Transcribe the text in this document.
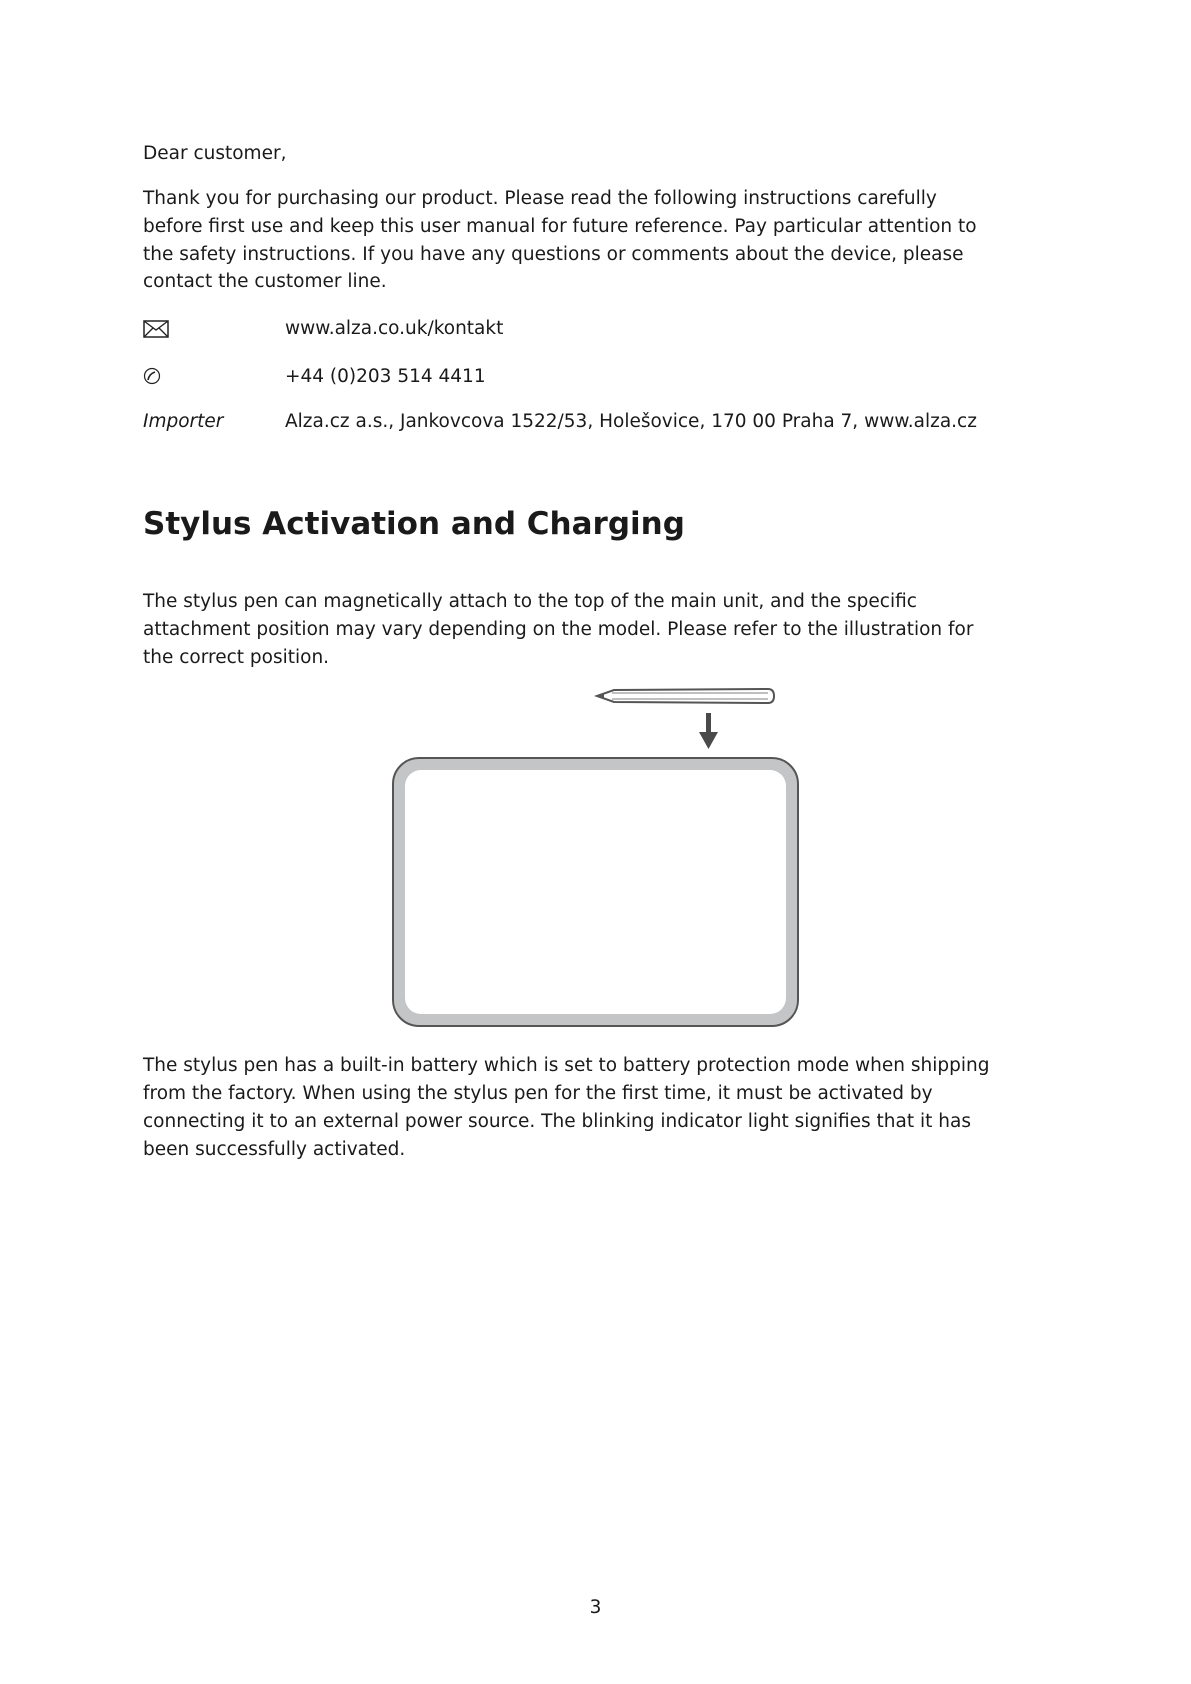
Dear customer,
Thank you for purchasing our product. Please read the following instructions carefully
before first use and keep this user manual for future reference. Pay particular attention to
the safety instructions. If you have any questions or comments about the device, please
contact the customer line.
www.alza.co.uk/kontakt
+44 (0)203 514 4411
Importer	Alza.cz a.s., Jankovcova 1522/53, Holešovice, 170 00 Praha 7, www.alza.cz
Stylus Activation and Charging
The stylus pen can magnetically attach to the top of the main unit, and the specific
attachment position may vary depending on the model. Please refer to the illustration for
the correct position.
The stylus pen has a built-in battery which is set to battery protection mode when shipping
from the factory. When using the stylus pen for the first time, it must be activated by
connecting it to an external power source. The blinking indicator light signifies that it has
been successfully activated.
3
